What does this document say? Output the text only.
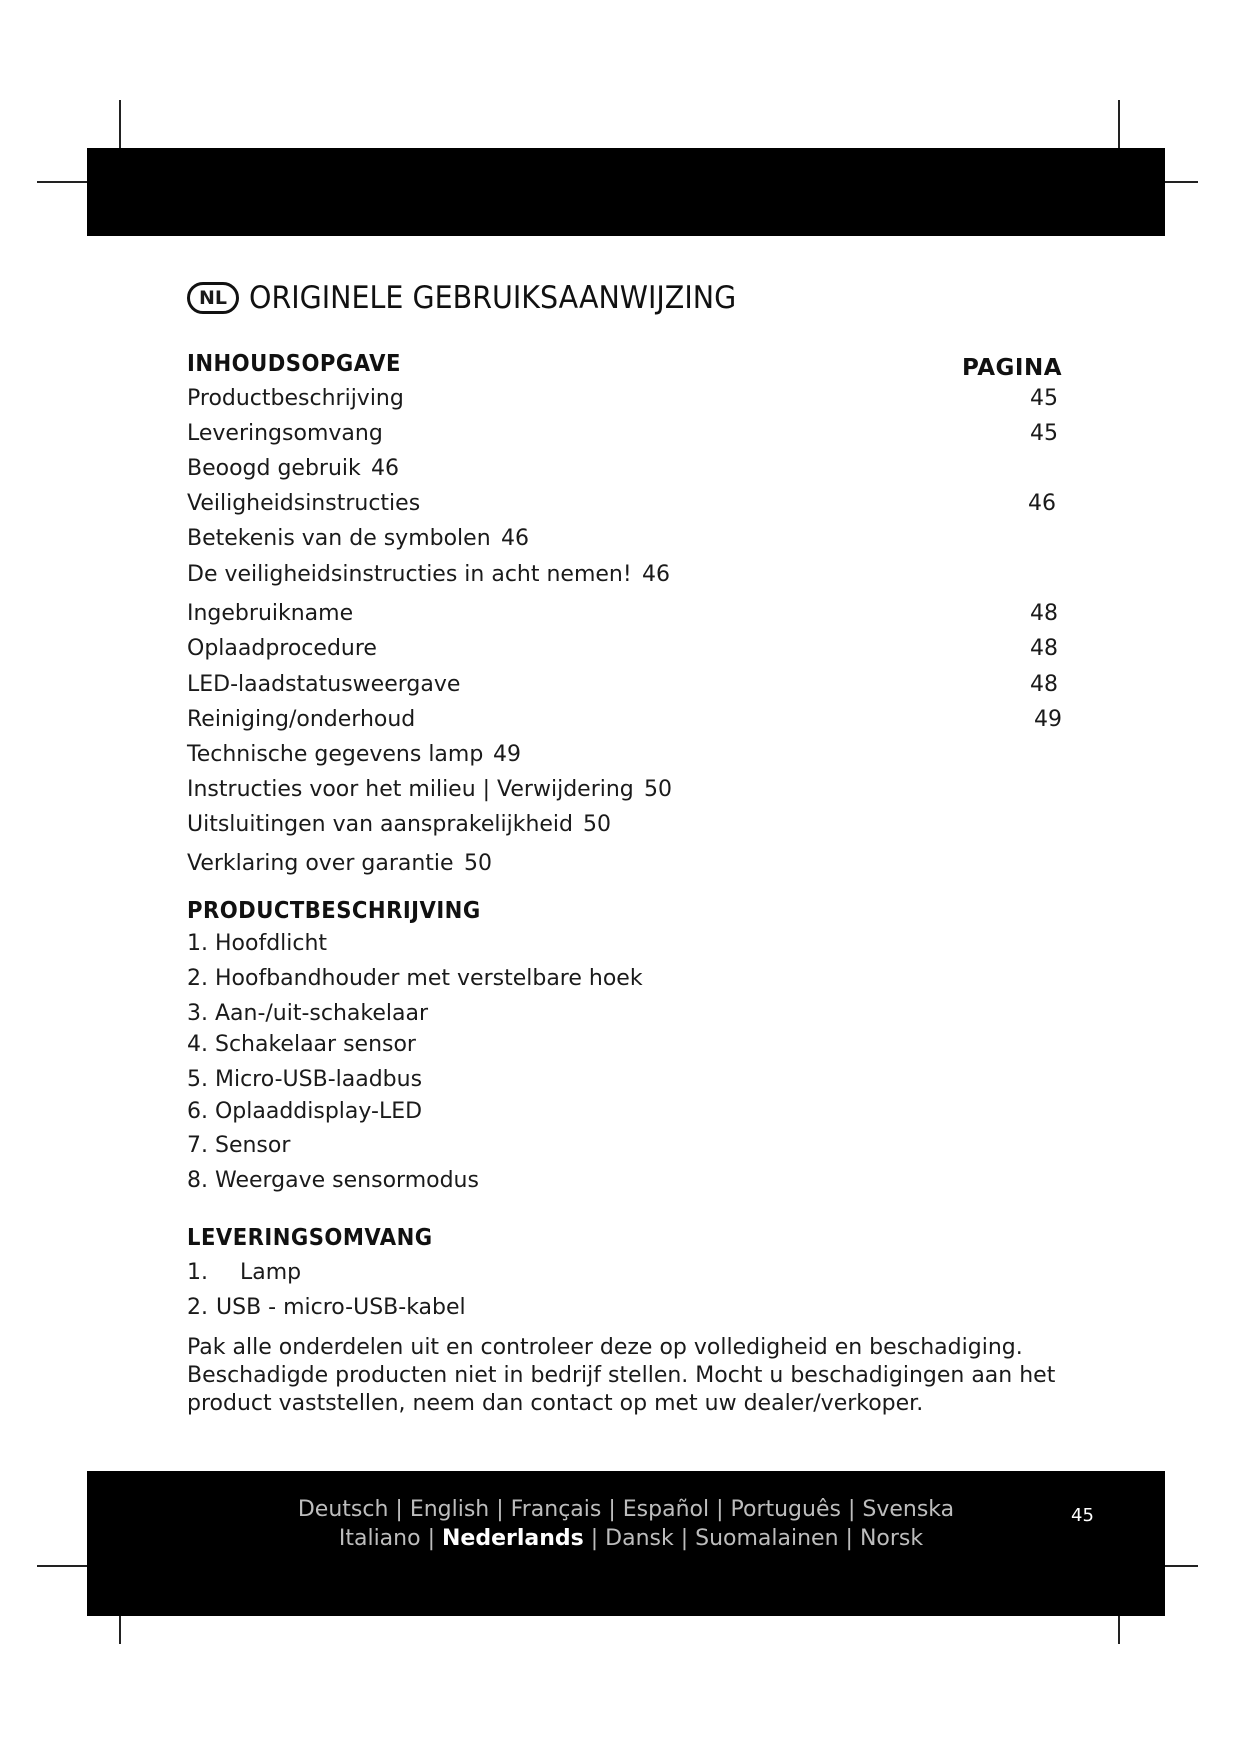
NL ORIGINELE GEBRUIKSAANWIJZING
INHOUDSOPGAVE	PAGINA
Productbeschrijving	45
Leveringsomvang	45
Beoogd gebruik 46
Veiligheidsinstructies	46
Betekenis van de symbolen 46
De veiligheidsinstructies in acht nemen! 46
Ingebruikname	48
Oplaadprocedure	48
LED-laadstatusweergave	48
Reiniging/onderhoud	49
Technische gegevens lamp 49
Instructies voor het milieu | Verwijdering 50
Uitsluitingen van aansprakelijkheid 50
Verklaring over garantie 50
PRODUCTBESCHRIJVING
1. Hoofdlicht
2. Hoofbandhouder met verstelbare hoek
3. Aan-/uit-schakelaar
4. Schakelaar sensor
5. Micro-USB-laadbus
6. Oplaaddisplay-LED
7. Sensor
8. Weergave sensormodus
LEVERINGSOMVANG
1. Lamp
2. USB - micro-USB-kabel
Pak alle onderdelen uit en controleer deze op volledigheid en beschadiging.
Beschadigde producten niet in bedrijf stellen. Mocht u beschadigingen aan het
product vaststellen, neem dan contact op met uw dealer/verkoper.
Deutsch | English | Français | Español | Português | Svenska
Italiano | Nederlands | Dansk | Suomalainen | Norsk
45
